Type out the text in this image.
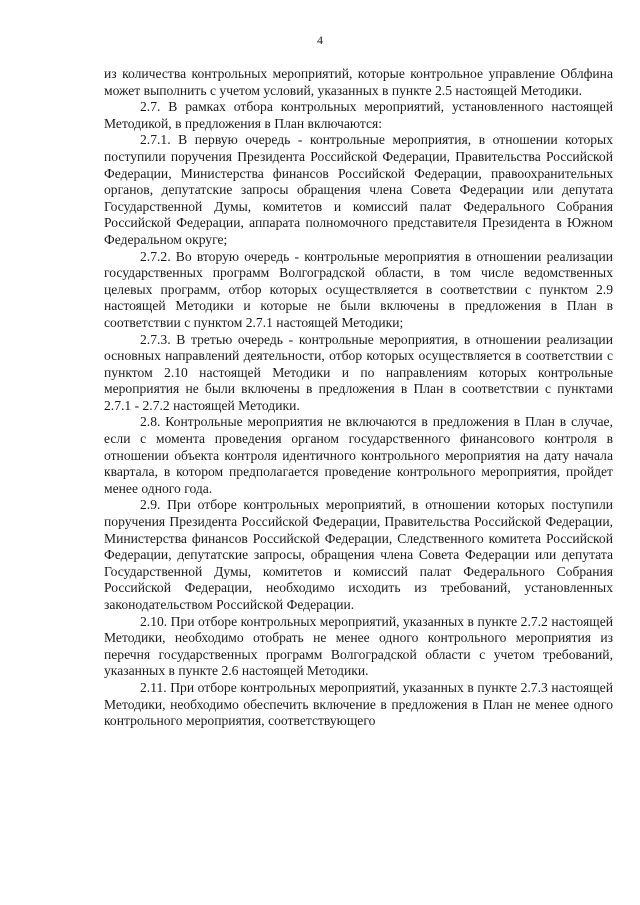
4

из количества контрольных мероприятий, которые контрольное управление Облфина может выполнить с учетом условий, указанных в пункте 2.5 настоящей Методики.

2.7. В рамках отбора контрольных мероприятий, установленного настоящей Методикой, в предложения в План включаются:

2.7.1. В первую очередь - контрольные мероприятия, в отношении которых поступили поручения Президента Российской Федерации, Правительства Российской Федерации, Министерства финансов Российской Федерации, правоохранительных органов, депутатские запросы обращения члена Совета Федерации или депутата Государственной Думы, комитетов и комиссий палат Федерального Собрания Российской Федерации, аппарата полномочного представителя Президента в Южном Федеральном округе;

2.7.2. Во вторую очередь - контрольные мероприятия в отношении реализации государственных программ Волгоградской области, в том числе ведомственных целевых программ, отбор которых осуществляется в соответствии с пунктом 2.9 настоящей Методики и которые не были включены в предложения в План в соответствии с пунктом 2.7.1 настоящей Методики;

2.7.3. В третью очередь - контрольные мероприятия, в отношении реализации основных направлений деятельности, отбор которых осуществляется в соответствии с пунктом 2.10 настоящей Методики и по направлениям которых контрольные мероприятия не были включены в предложения в План в соответствии с пунктами 2.7.1 - 2.7.2 настоящей Методики.

2.8. Контрольные мероприятия не включаются в предложения в План в случае, если с момента проведения органом государственного финансового контроля в отношении объекта контроля идентичного контрольного мероприятия на дату начала квартала, в котором предполагается проведение контрольного мероприятия, пройдет менее одного года.

2.9. При отборе контрольных мероприятий, в отношении которых поступили поручения Президента Российской Федерации, Правительства Российской Федерации, Министерства финансов Российской Федерации, Следственного комитета Российской Федерации, депутатские запросы, обращения члена Совета Федерации или депутата Государственной Думы, комитетов и комиссий палат Федерального Собрания Российской Федерации, необходимо исходить из требований, установленных законодательством Российской Федерации.

2.10. При отборе контрольных мероприятий, указанных в пункте 2.7.2 настоящей Методики, необходимо отобрать не менее одного контрольного мероприятия из перечня государственных программ Волгоградской области с учетом требований, указанных в пункте 2.6 настоящей Методики.

2.11. При отборе контрольных мероприятий, указанных в пункте 2.7.3 настоящей Методики, необходимо обеспечить включение в предложения в План не менее одного контрольного мероприятия, соответствующего
